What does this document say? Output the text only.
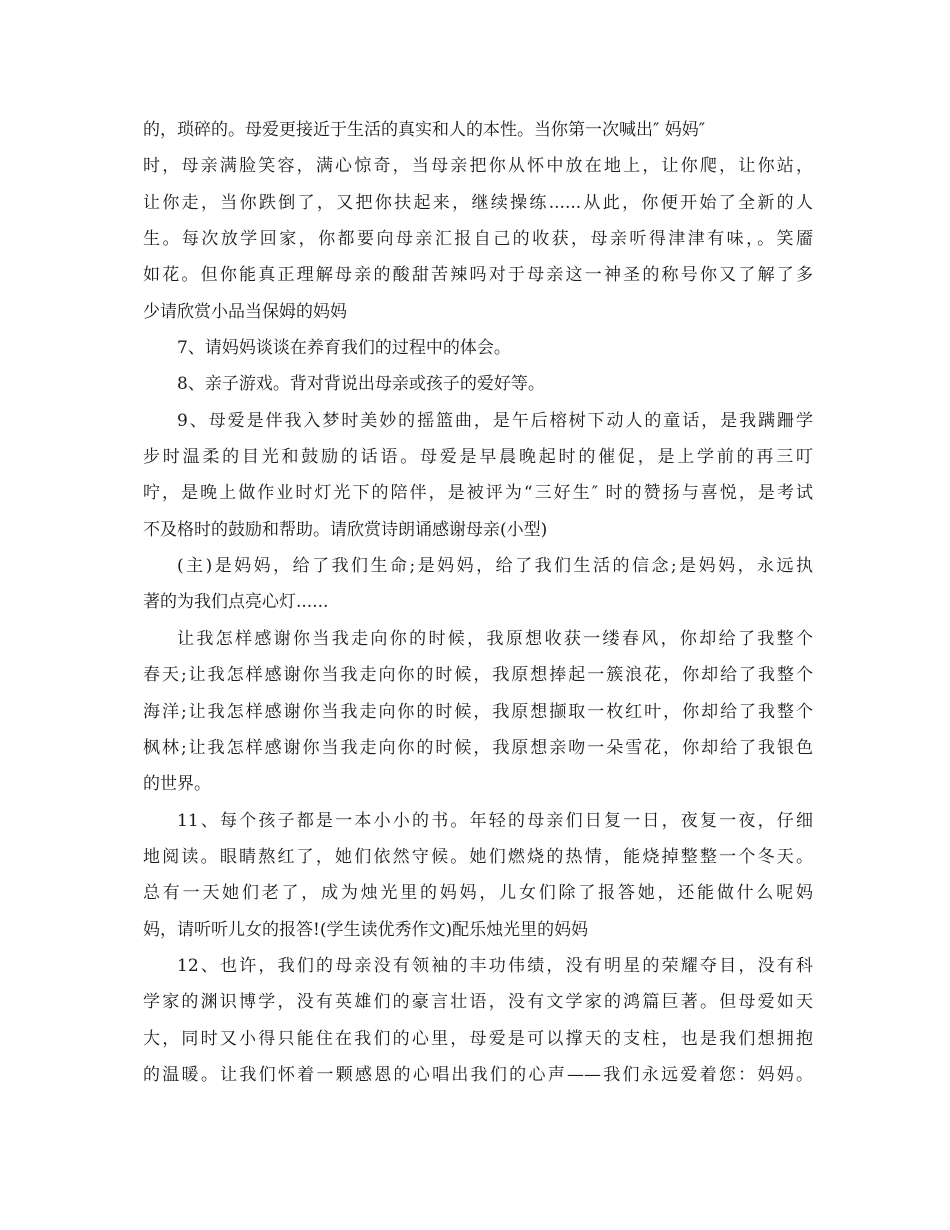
的，琐碎的。母爱更接近于生活的真实和人的本性。当你第一次喊出″ 妈妈″
时，母亲满脸笑容，满心惊奇，当母亲把你从怀中放在地上，让你爬，让你站，
让你走，当你跌倒了，又把你扶起来，继续操练......从此，你便开始了全新的人
生。每次放学回家，你都要向母亲汇报自己的收获，母亲听得津津有味，。笑靥
如花。但你能真正理解母亲的酸甜苦辣吗对于母亲这一神圣的称号你又了解了多
少请欣赏小品当保姆的妈妈
7、请妈妈谈谈在养育我们的过程中的体会。
8、亲子游戏。背对背说出母亲或孩子的爱好等。
9、母爱是伴我入梦时美妙的摇篮曲，是午后榕树下动人的童话，是我蹒跚学
步时温柔的目光和鼓励的话语。母爱是早晨晚起时的催促，是上学前的再三叮
咛，是晚上做作业时灯光下的陪伴，是被评为“三好生″ 时的赞扬与喜悦，是考试
不及格时的鼓励和帮助。请欣赏诗朗诵感谢母亲(小型)
(主)是妈妈，给了我们生命;是妈妈，给了我们生活的信念;是妈妈，永远执
著的为我们点亮心灯......
让我怎样感谢你当我走向你的时候，我原想收获一缕春风，你却给了我整个
春天;让我怎样感谢你当我走向你的时候，我原想捧起一簇浪花，你却给了我整个
海洋;让我怎样感谢你当我走向你的时候，我原想撷取一枚红叶，你却给了我整个
枫林;让我怎样感谢你当我走向你的时候，我原想亲吻一朵雪花，你却给了我银色
的世界。
11、每个孩子都是一本小小的书。年轻的母亲们日复一日，夜复一夜，仔细
地阅读。眼睛熬红了，她们依然守候。她们燃烧的热情，能烧掉整整一个冬天。
总有一天她们老了，成为烛光里的妈妈，儿女们除了报答她，还能做什么呢妈
妈，请听听儿女的报答!(学生读优秀作文)配乐烛光里的妈妈
12、也许，我们的母亲没有领袖的丰功伟绩，没有明星的荣耀夺目，没有科
学家的渊识博学，没有英雄们的豪言壮语，没有文学家的鸿篇巨著。但母爱如天
大，同时又小得只能住在我们的心里，母爱是可以撑天的支柱，也是我们想拥抱
的温暖。让我们怀着一颗感恩的心唱出我们的心声——我们永远爱着您：妈妈。
